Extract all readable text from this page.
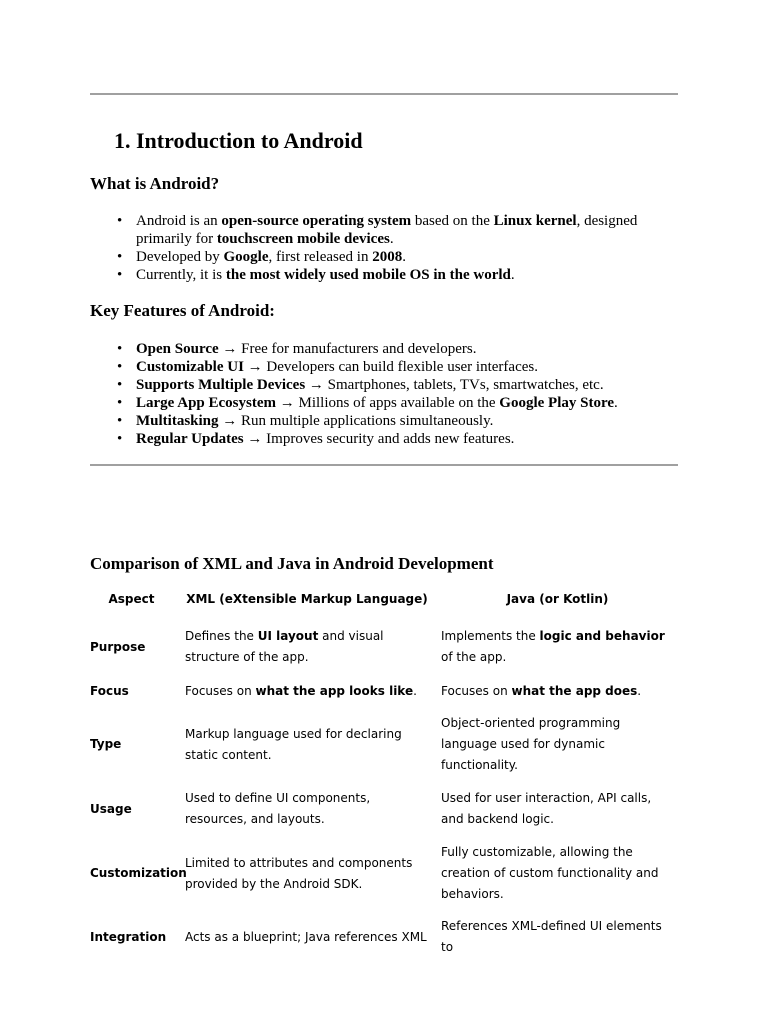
1. Introduction to Android
What is Android?
• Android is an open-source operating system based on the Linux kernel, designed primarily for touchscreen mobile devices.
• Developed by Google, first released in 2008.
• Currently, it is the most widely used mobile OS in the world.
Key Features of Android:
• Open Source → Free for manufacturers and developers.
• Customizable UI → Developers can build flexible user interfaces.
• Supports Multiple Devices → Smartphones, tablets, TVs, smartwatches, etc.
• Large App Ecosystem → Millions of apps available on the Google Play Store.
• Multitasking → Run multiple applications simultaneously.
• Regular Updates → Improves security and adds new features.
Comparison of XML and Java in Android Development
Aspect	XML (eXtensible Markup Language)	Java (or Kotlin)
Purpose	Defines the UI layout and visual structure of the app.	Implements the logic and behavior of the app.
Focus	Focuses on what the app looks like.	Focuses on what the app does.
Type	Markup language used for declaring static content.	Object-oriented programming language used for dynamic functionality.
Usage	Used to define UI components, resources, and layouts.	Used for user interaction, API calls, and backend logic.
Customization	Limited to attributes and components provided by the Android SDK.	Fully customizable, allowing the creation of custom functionality and behaviors.
Integration	Acts as a blueprint; Java references XML	References XML-defined UI elements to
